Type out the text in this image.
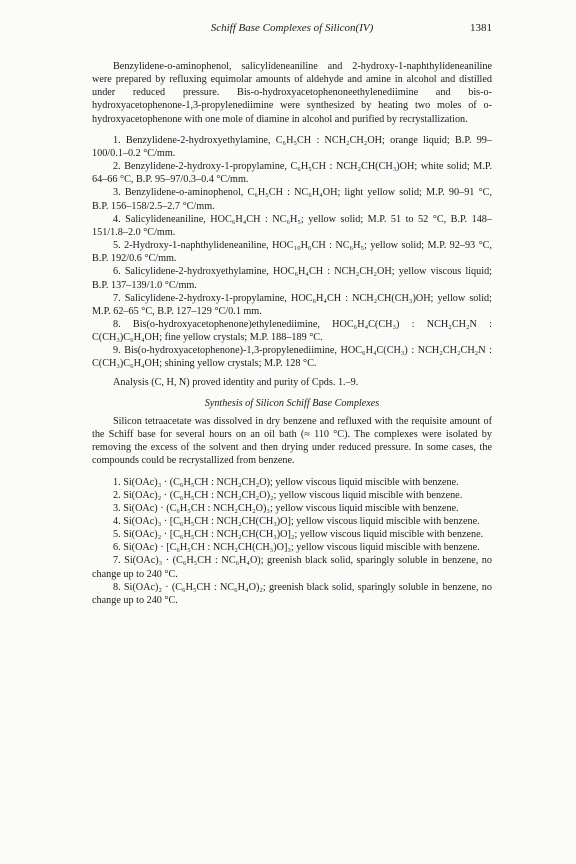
Schiff Base Complexes of Silicon(IV)	1381

Benzylidene-o-aminophenol, salicylideneaniline and 2-hydroxy-1-naphthylideneaniline were prepared by refluxing equimolar amounts of aldehyde and amine in alcohol and distilled under reduced pressure. Bis-o-hydroxyacetophenoneethylenediimine and bis-o-hydroxyacetophenone-1,3-propylenediimine were synthesized by heating two moles of o-hydroxyacetophenone with one mole of diamine in alcohol and purified by recrystallization.

1. Benzylidene-2-hydroxyethylamine, C₆H₅CH : NCH₂CH₂OH; orange liquid; B.P. 99–100/0.1–0.2 °C/mm.

2. Benzylidene-2-hydroxy-1-propylamine, C₆H₅CH : NCH₂CH(CH₃)OH; white solid; M.P. 64–66 °C, B.P. 95–97/0.3–0.4 °C/mm.

3. Benzylidene-o-aminophenol, C₆H₅CH : NC₆H₄OH; light yellow solid; M.P. 90–91 °C, B.P. 156–158/2.5–2.7 °C/mm.

4. Salicylideneaniline, HOC₆H₄CH : NC₆H₅; yellow solid; M.P. 51 to 52 °C, B.P. 148–151/1.8–2.0 °C/mm.

5. 2-Hydroxy-1-naphthylideneaniline, HOC₁₀H₆CH : NC₆H₅; yellow solid; M.P. 92–93 °C, B.P. 192/0.6 °C/mm.

6. Salicylidene-2-hydroxyethylamine, HOC₆H₄CH : NCH₂CH₂OH; yellow viscous liquid; B.P. 137–139/1.0 °C/mm.

7. Salicylidene-2-hydroxy-1-propylamine, HOC₆H₄CH : NCH₂CH(CH₃)OH; yellow solid; M.P. 62–65 °C, B.P. 127–129 °C/0.1 mm.

8. Bis(o-hydroxyacetophenone)ethylenediimine, HOC₆H₄C(CH₃) : NCH₂CH₂N : C(CH₃)C₆H₄OH; fine yellow crystals; M.P. 188–189 °C.

9. Bis(o-hydroxyacetophenone)-1,3-propylenediimine, HOC₆H₄C(CH₃) : NCH₂CH₂CH₂N : C(CH₃)C₆H₄OH; shining yellow crystals; M.P. 128 °C.

Analysis (C, H, N) proved identity and purity of Cpds. 1.–9.

Synthesis of Silicon Schiff Base Complexes

Silicon tetraacetate was dissolved in dry benzene and refluxed with the requisite amount of the Schiff base for several hours on an oil bath (≈ 110 °C). The complexes were isolated by removing the excess of the solvent and then drying under reduced pressure. In some cases, the compounds could be recrystallized from benzene.

1. Si(OAc)₃ · (C₆H₅CH : NCH₂CH₂O); yellow viscous liquid miscible with benzene.

2. Si(OAc)₂ · (C₆H₅CH : NCH₂CH₂O)₂; yellow viscous liquid miscible with benzene.

3. Si(OAc) · (C₆H₅CH : NCH₂CH₂O)₃; yellow viscous liquid miscible with benzene.

4. Si(OAc)₃ · [C₆H₅CH : NCH₂CH(CH₃)O]; yellow viscous liquid miscible with benzene.

5. Si(OAc)₂ · [C₆H₅CH : NCH₂CH(CH₃)O]₂; yellow viscous liquid miscible with benzene.

6. Si(OAc) · [C₆H₅CH : NCH₂CH(CH₃)O]₃; yellow viscous liquid miscible with benzene.

7. Si(OAc)₃ · (C₆H₅CH : NC₆H₄O); greenish black solid, sparingly soluble in benzene, no change up to 240 °C.

8. Si(OAc)₂ · (C₆H₅CH : NC₆H₄O)₂; greenish black solid, sparingly soluble in benzene, no change up to 240 °C.
